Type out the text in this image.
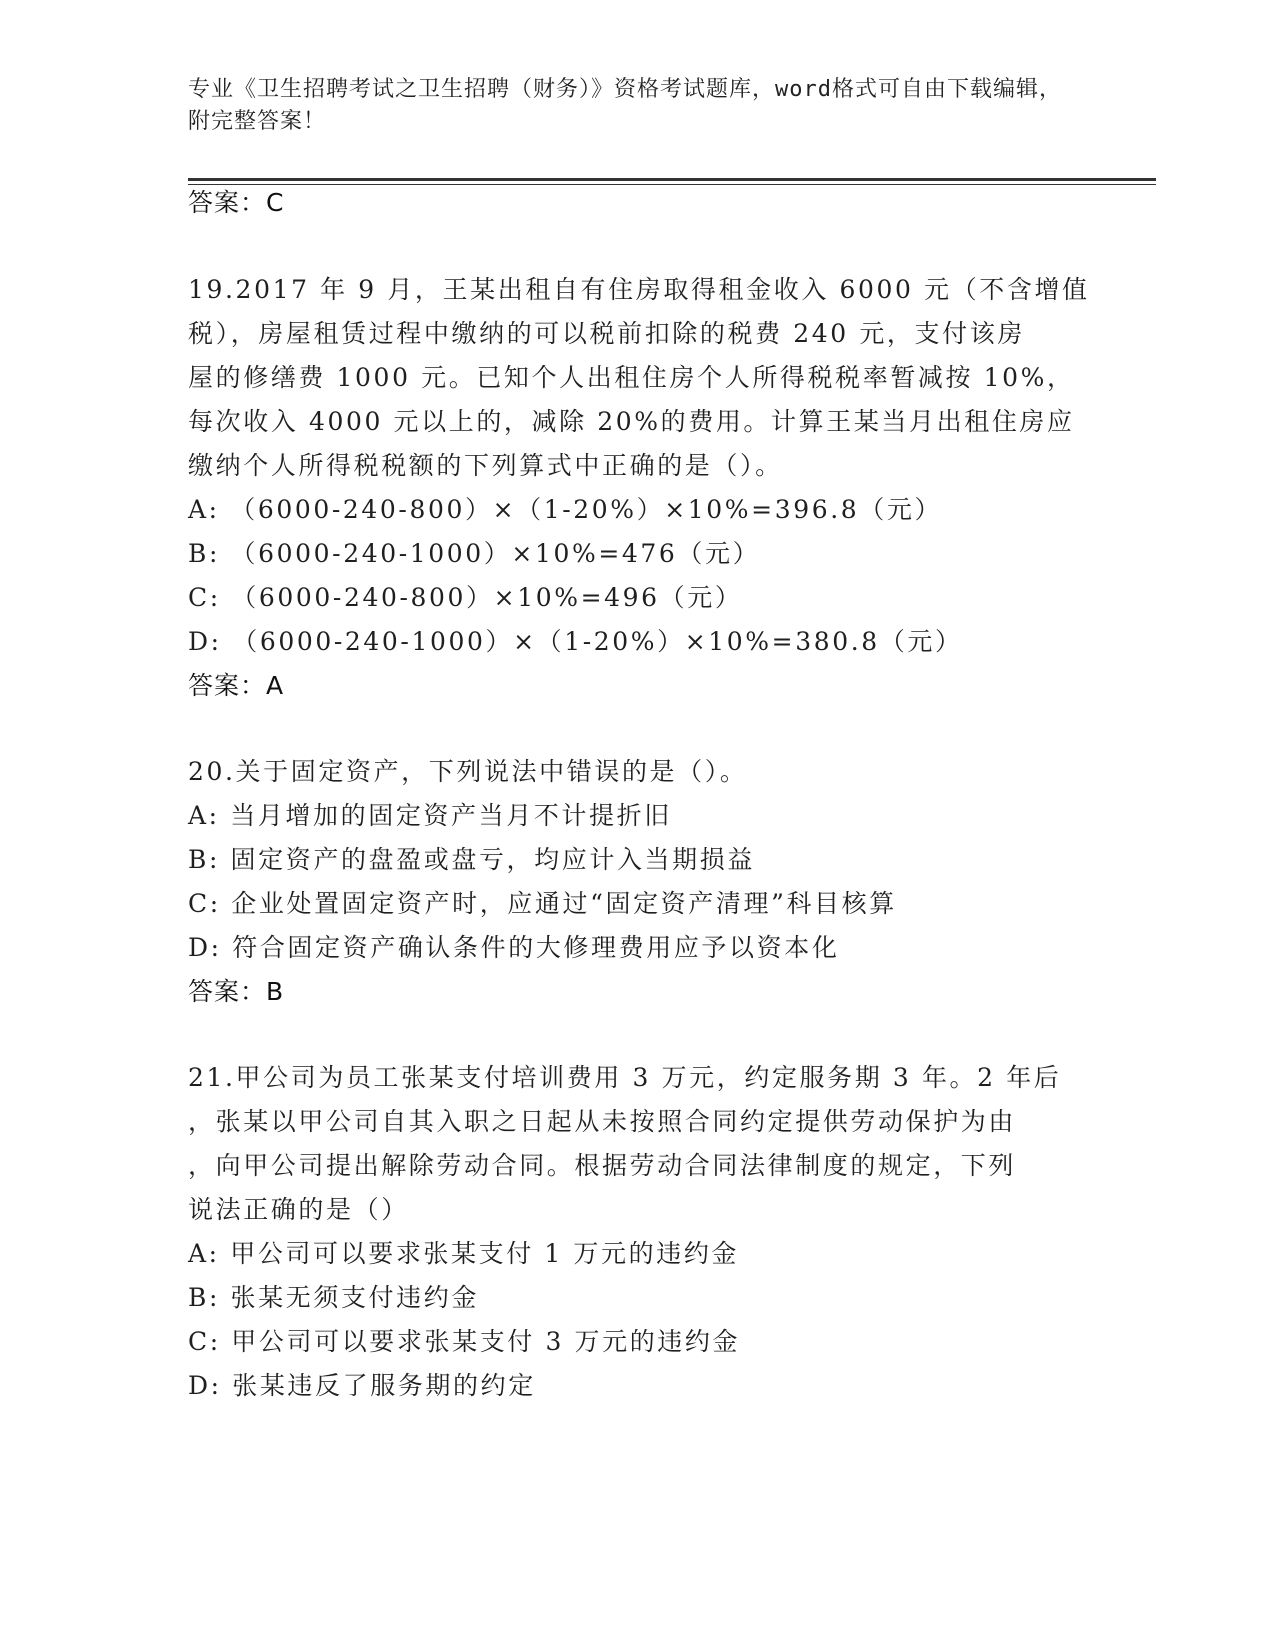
专业《卫生招聘考试之卫生招聘（财务）》资格考试题库，word格式可自由下载编辑，附完整答案！
答案：C
19.2017 年 9 月，王某出租自有住房取得租金收入 6000 元（不含增值
税），房屋租赁过程中缴纳的可以税前扣除的税费 240 元，支付该房
屋的修缮费 1000 元。已知个人出租住房个人所得税税率暂减按 10%，
每次收入 4000 元以上的，减除 20%的费用。计算王某当月出租住房应
缴纳个人所得税税额的下列算式中正确的是（）。
A: （6000-240-800）×（1-20%）×10%=396.8（元）
B: （6000-240-1000）×10%=476（元）
C: （6000-240-800）×10%=496（元）
D: （6000-240-1000）×（1-20%）×10%=380.8（元）
答案：A
20.关于固定资产，下列说法中错误的是（）。
A: 当月增加的固定资产当月不计提折旧
B: 固定资产的盘盈或盘亏，均应计入当期损益
C: 企业处置固定资产时，应通过“固定资产清理”科目核算
D: 符合固定资产确认条件的大修理费用应予以资本化
答案：B
21.甲公司为员工张某支付培训费用 3 万元，约定服务期 3 年。2 年后
，张某以甲公司自其入职之日起从未按照合同约定提供劳动保护为由
，向甲公司提出解除劳动合同。根据劳动合同法律制度的规定，下列
说法正确的是（）
A: 甲公司可以要求张某支付 1 万元的违约金
B: 张某无须支付违约金
C: 甲公司可以要求张某支付 3 万元的违约金
D: 张某违反了服务期的约定
